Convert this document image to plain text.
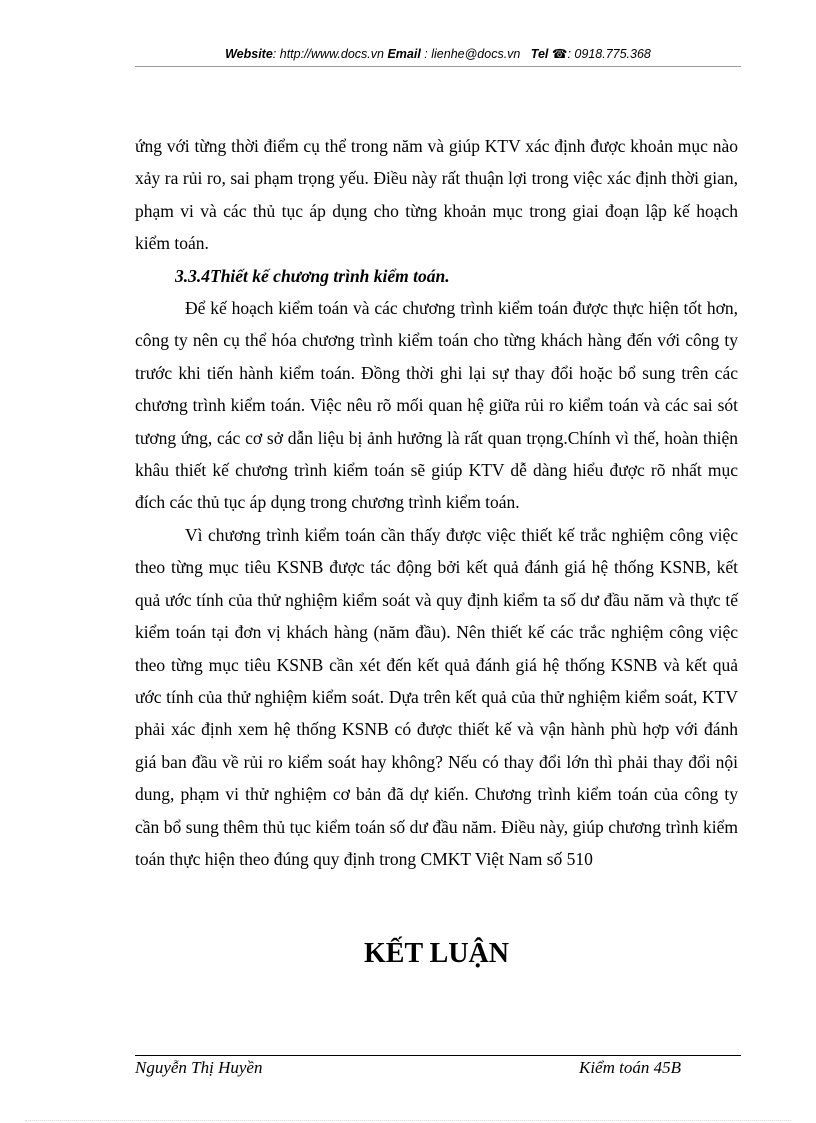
Website: http://www.docs.vn Email : lienhe@docs.vn Tel ☎: 0918.775.368

ứng với từng thời điểm cụ thể trong năm và giúp KTV xác định được khoản mục nào xảy ra rủi ro, sai phạm trọng yếu. Điều này rất thuận lợi trong việc xác định thời gian, phạm vi và các thủ tục áp dụng cho từng khoản mục trong giai đoạn lập kế hoạch kiểm toán.

3.3.4Thiết kế chương trình kiểm toán.

Để kế hoạch kiểm toán và các chương trình kiểm toán được thực hiện tốt hơn, công ty nên cụ thể hóa chương trình kiểm toán cho từng khách hàng đến với công ty trước khi tiến hành kiểm toán. Đồng thời ghi lại sự thay đổi hoặc bổ sung trên các chương trình kiểm toán. Việc nêu rõ mối quan hệ giữa rủi ro kiểm toán và các sai sót tương ứng, các cơ sở dẫn liệu bị ảnh hưởng là rất quan trọng.Chính vì thế, hoàn thiện khâu thiết kế chương trình kiểm toán sẽ giúp KTV dễ dàng hiểu được rõ nhất mục đích các thủ tục áp dụng trong chương trình kiểm toán.

Vì chương trình kiểm toán cần thấy được việc thiết kế trắc nghiệm công việc theo từng mục tiêu KSNB được tác động bởi kết quả đánh giá hệ thống KSNB, kết quả ước tính của thử nghiệm kiểm soát và quy định kiểm ta số dư đầu năm và thực tế kiểm toán tại đơn vị khách hàng (năm đầu). Nên thiết kế các trắc nghiệm công việc theo từng mục tiêu KSNB cần xét đến kết quả đánh giá hệ thống KSNB và kết quả ước tính của thử nghiệm kiểm soát. Dựa trên kết quả của thử nghiệm kiểm soát, KTV phải xác định xem hệ thống KSNB có được thiết kế và vận hành phù hợp với đánh giá ban đầu về rủi ro kiểm soát hay không? Nếu có thay đổi lớn thì phải thay đổi nội dung, phạm vi thử nghiệm cơ bản đã dự kiến. Chương trình kiểm toán của công ty cần bổ sung thêm thủ tục kiểm toán số dư đầu năm. Điều này, giúp chương trình kiểm toán thực hiện theo đúng quy định trong CMKT Việt Nam số 510

KẾT LUẬN
Nguyễn Thị Huyền	Kiểm toán 45B
